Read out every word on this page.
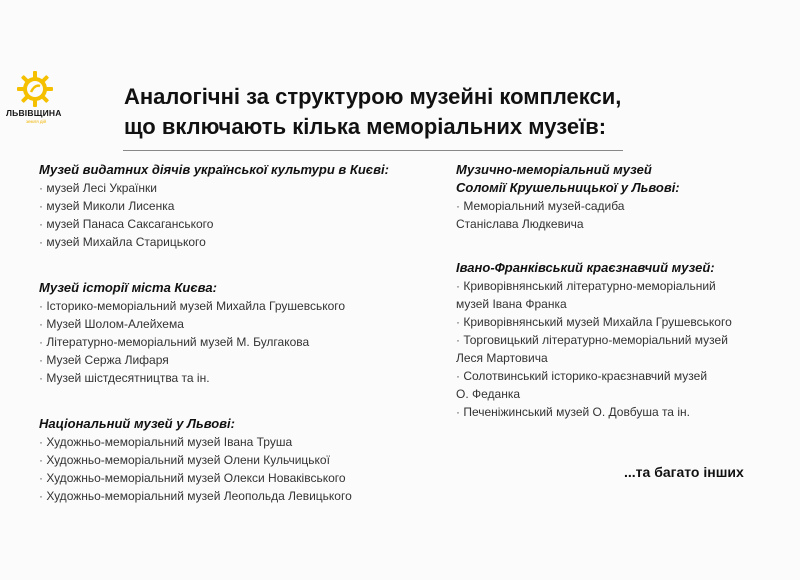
ЛЬВІВЩИНА
земля дій
Аналогічні за структурою музейні комплекси,
що включають кілька меморіальних музеїв:

Музей видатних діячів української культури в Києві:

· музей Лесі Українки
· музей Миколи Лисенка
· музей Панаса Саксаганського
· музей Михайла Старицького

Музей історії міста Києва:

· Історико-меморіальний музей Михайла Грушевського
· Музей Шолом-Алейхема
· Літературно-меморіальний музей М. Булгакова
· Музей Сержа Лифаря
· Музей шістдесятництва та ін.

Національний музей у Львові:

· Художньо-меморіальний музей Івана Труша
· Художньо-меморіальний музей Олени Кульчицької
· Художньо-меморіальний музей Олекси Новаківського
· Художньо-меморіальний музей Леопольда Левицького

Музично-меморіальний музей

Соломії Крушельницької у Львові:

· Меморіальний музей-садиба
Станіслава Людкевича

Івано-Франківський краєзнавчий музей:

· Криворівнянський літературно-меморіальний
музей Івана Франка
· Криворівнянський музей Михайла Грушевського
· Торговицький літературно-меморіальний музей
Леся Мартовича
· Солотвинський історико-краєзнавчий музей
О. Феданка
· Печеніжинський музей О. Довбуша та ін.
...та багато інших
